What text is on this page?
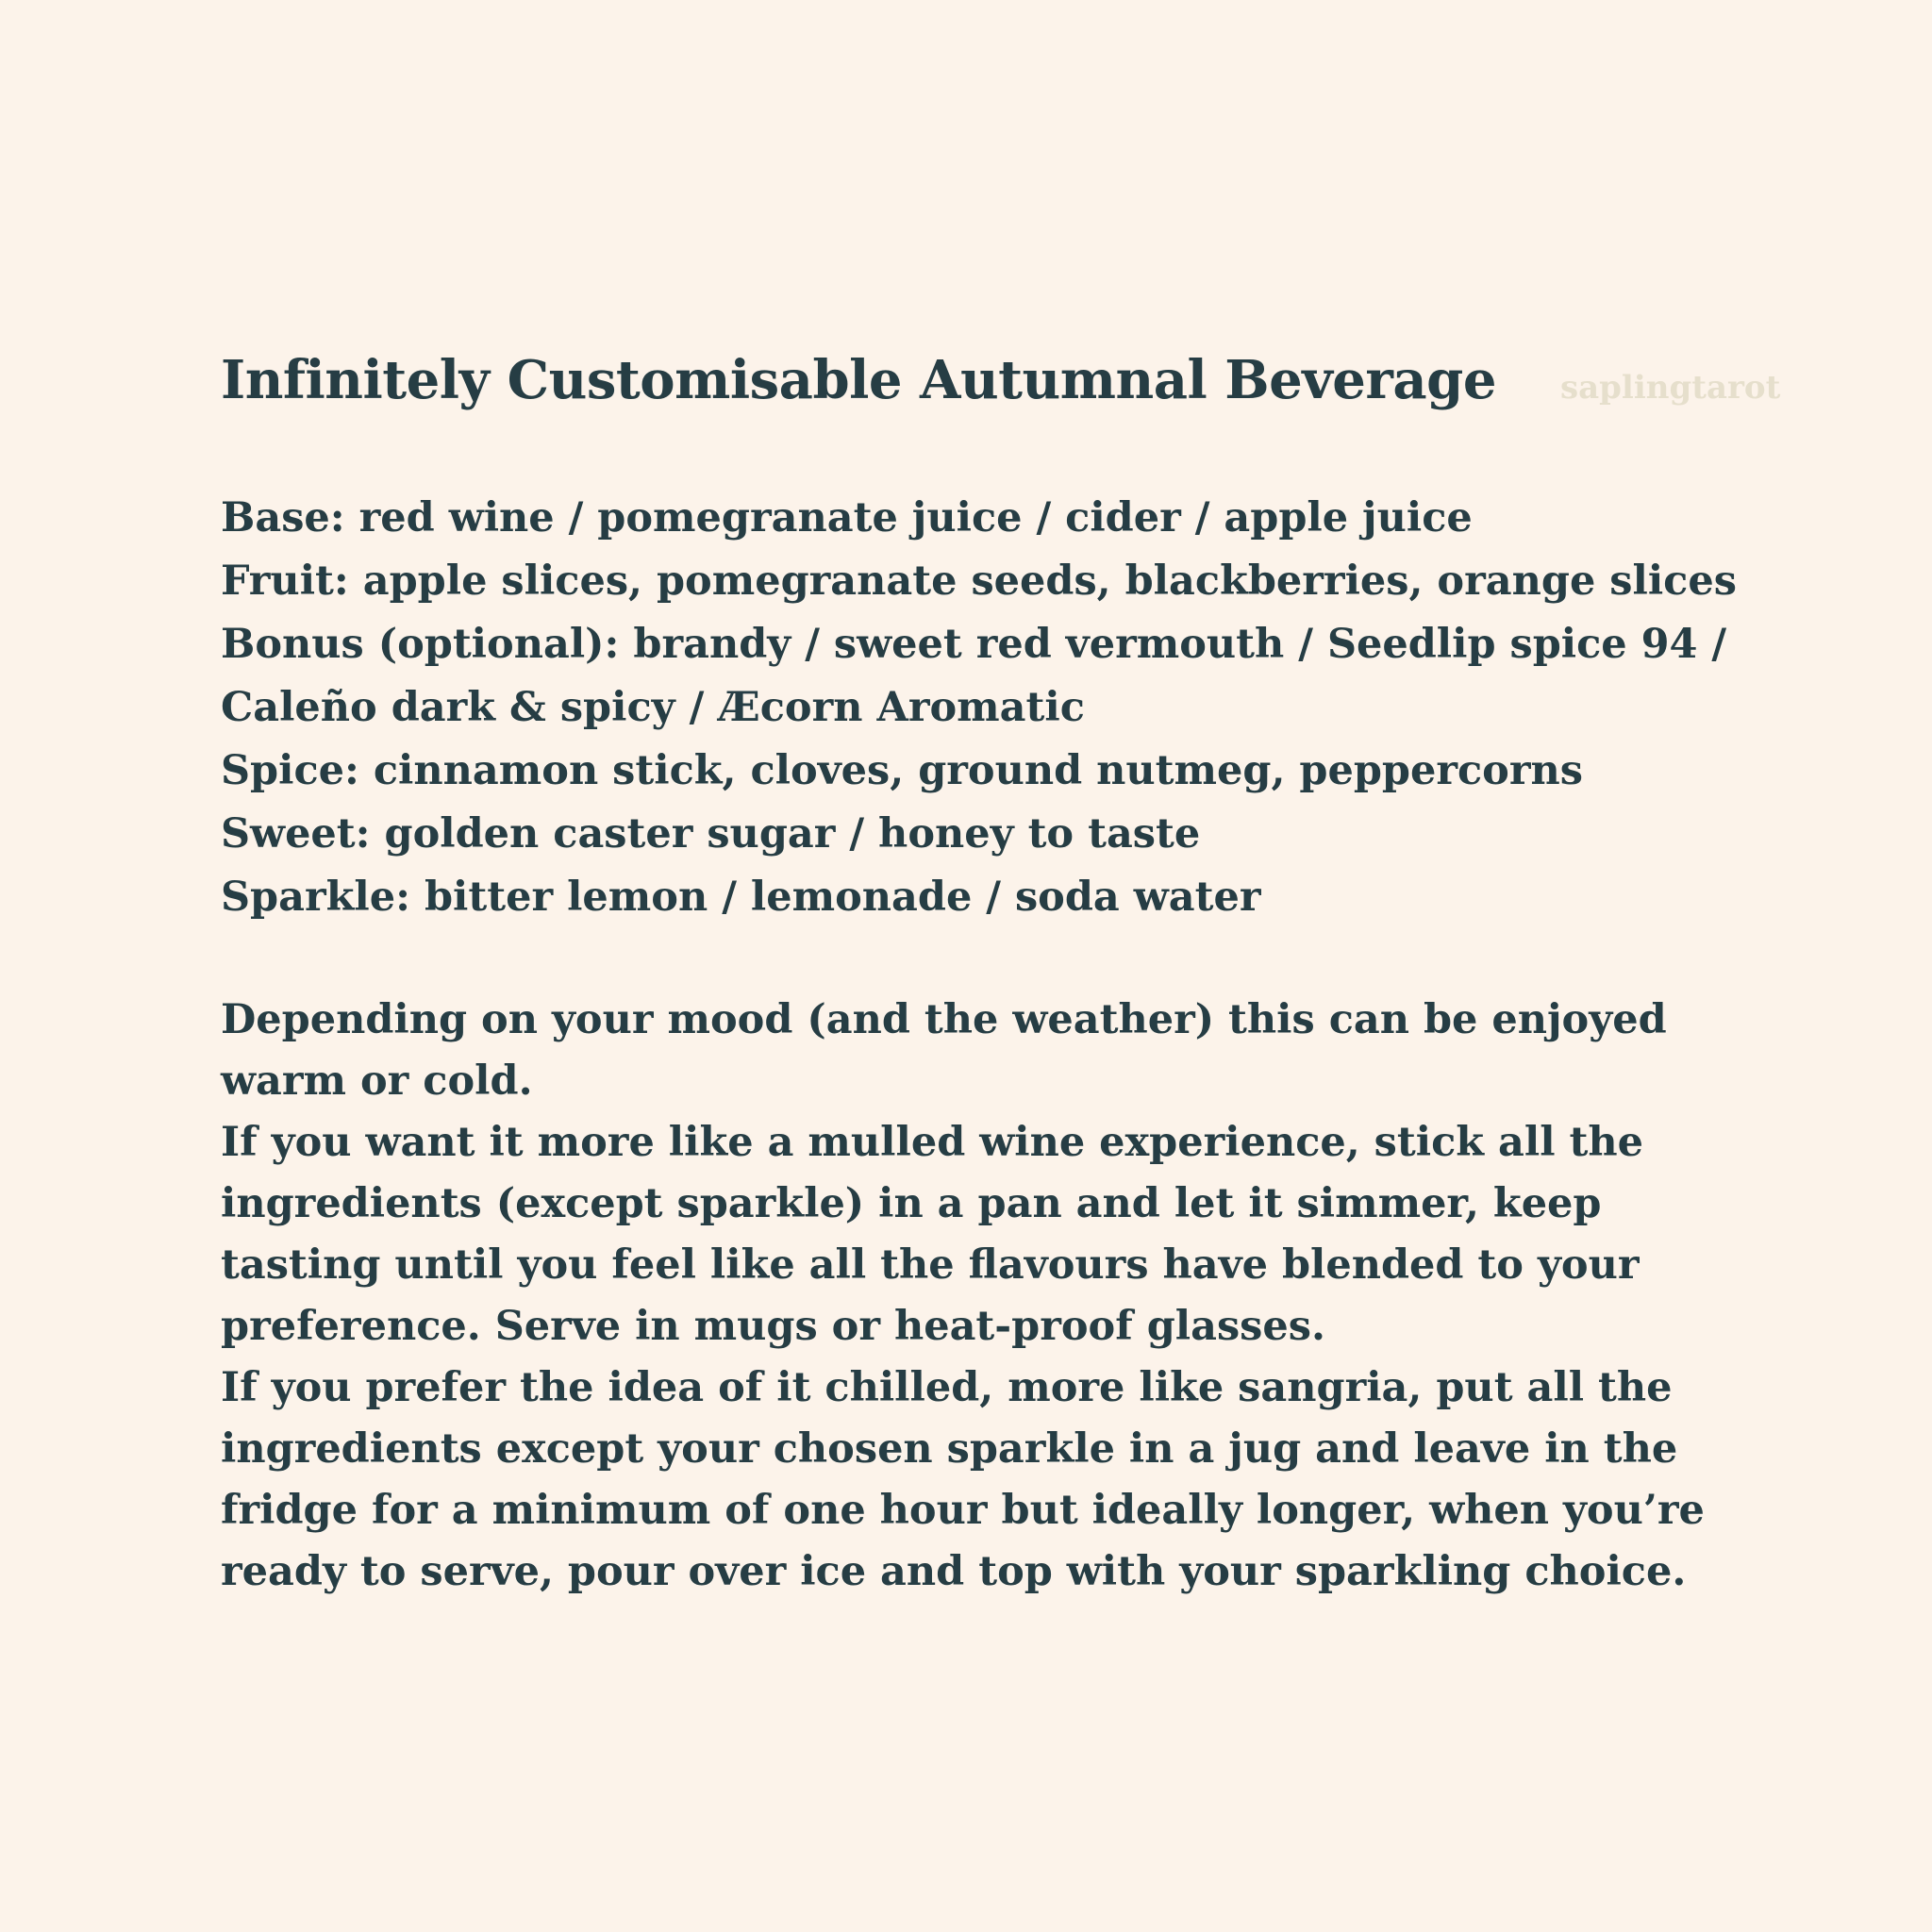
Infinitely Customisable Autumnal Beverage saplingtarot
Base: red wine / pomegranate juice / cider / apple juice
Fruit: apple slices, pomegranate seeds, blackberries, orange slices
Bonus (optional): brandy / sweet red vermouth / Seedlip spice 94 /
Caleño dark & spicy / Æcorn Aromatic
Spice: cinnamon stick, cloves, ground nutmeg, peppercorns
Sweet: golden caster sugar / honey to taste
Sparkle: bitter lemon / lemonade / soda water

Depending on your mood (and the weather) this can be enjoyed warm or cold.

If you want it more like a mulled wine experience, stick all the ingredients (except sparkle) in a pan and let it simmer, keep tasting until you feel like all the flavours have blended to your preference. Serve in mugs or heat-proof glasses.

If you prefer the idea of it chilled, more like sangria, put all the ingredients except your chosen sparkle in a jug and leave in the fridge for a minimum of one hour but ideally longer, when you’re ready to serve, pour over ice and top with your sparkling choice.
